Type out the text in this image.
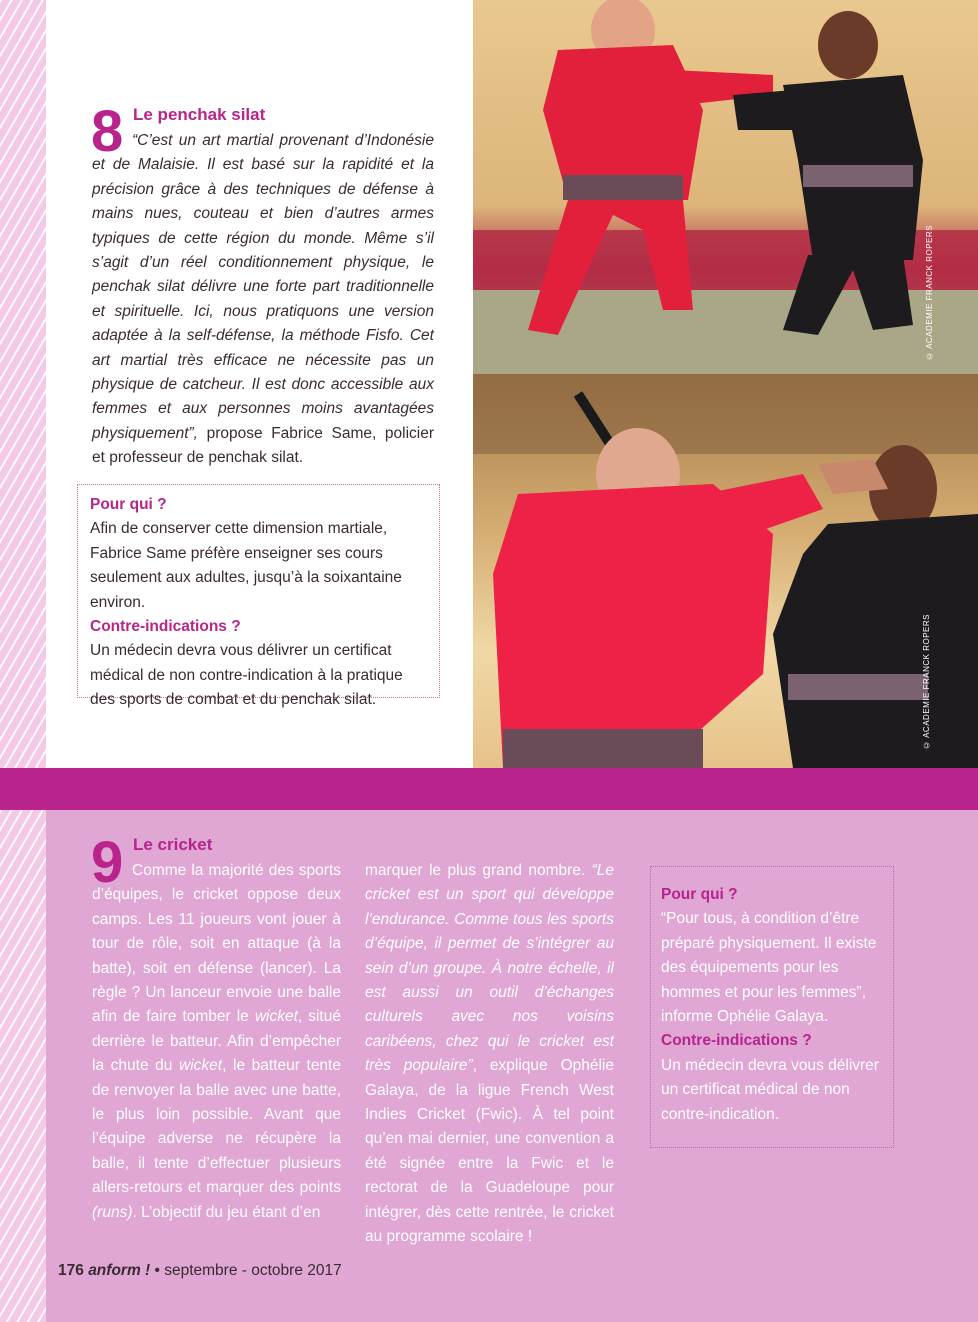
© ACADEMIE FRANCK ROPERS
© ACADEMIE FRANCK ROPERS
8 Le penchak silat
“C’est un art martial provenant d’Indonésie et de Malaisie. Il est basé sur la rapidité et la précision grâce à des techniques de défense à mains nues, couteau et bien d’autres armes typiques de cette région du monde. Même s’il s’agit d’un réel conditionnement physique, le penchak silat délivre une forte part traditionnelle et spirituelle. Ici, nous pratiquons une version adaptée à la self-défense, la méthode Fisfo. Cet art martial très efficace ne nécessite pas un physique de catcheur. Il est donc accessible aux femmes et aux personnes moins avantagées physiquement”, propose Fabrice Same, policier et professeur de penchak silat.
Pour qui ?
Afin de conserver cette dimension martiale, Fabrice Same préfère enseigner ses cours seulement aux adultes, jusqu’à la soixantaine environ.
Contre-indications ?
Un médecin devra vous délivrer un certificat médical de non contre-indication à la pratique des sports de combat et du penchak silat.
9 Le cricket
Comme la majorité des sports d’équipes, le cricket oppose deux camps. Les 11 joueurs vont jouer à tour de rôle, soit en attaque (à la batte), soit en défense (lancer). La règle ? Un lanceur envoie une balle afin de faire tomber le wicket, situé derrière le batteur. Afin d’empêcher la chute du wicket, le batteur tente de renvoyer la balle avec une batte, le plus loin possible. Avant que l’équipe adverse ne récupère la balle, il tente d’effectuer plusieurs allers-retours et marquer des points (runs). L’objectif du jeu étant d’en
marquer le plus grand nombre. “Le cricket est un sport qui développe l’endurance. Comme tous les sports d’équipe, il permet de s’intégrer au sein d’un groupe. À notre échelle, il est aussi un outil d’échanges culturels avec nos voisins caribéens, chez qui le cricket est très populaire”, explique Ophélie Galaya, de la ligue French West Indies Cricket (Fwic). À tel point qu’en mai dernier, une convention a été signée entre la Fwic et le rectorat de la Guadeloupe pour intégrer, dès cette rentrée, le cricket au programme scolaire !
Pour qui ?
“Pour tous, à condition d’être préparé physiquement. Il existe des équipements pour les hommes et pour les femmes”, informe Ophélie Galaya.
Contre-indications ?
Un médecin devra vous délivrer un certificat médical de non contre-indication.
176 anform ! • septembre - octobre 2017
